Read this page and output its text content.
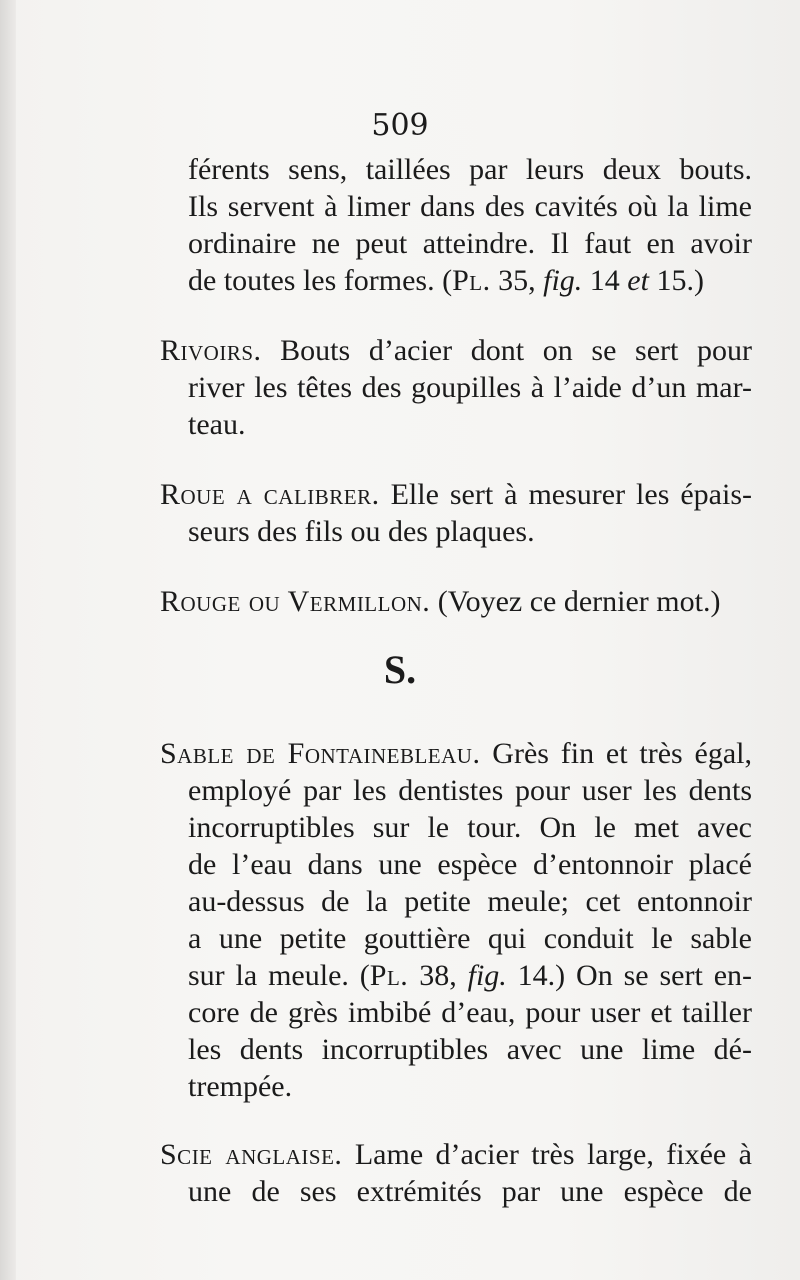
509
férents sens, taillées par leurs deux bouts.
Ils servent à limer dans des cavités où la lime
ordinaire ne peut atteindre. Il faut en avoir
de toutes les formes. (Pl. 35, fig. 14 et 15.)
Rivoirs. Bouts d’acier dont on se sert pour
river les têtes des goupilles à l’aide d’un mar-
teau.
Roue a calibrer. Elle sert à mesurer les épais-
seurs des fils ou des plaques.
Rouge ou Vermillon. (Voyez ce dernier mot.)
S.
Sable de Fontainebleau. Grès fin et très égal,
employé par les dentistes pour user les dents
incorruptibles sur le tour. On le met avec
de l’eau dans une espèce d’entonnoir placé
au-dessus de la petite meule; cet entonnoir
a une petite gouttière qui conduit le sable
sur la meule. (Pl. 38, fig. 14.) On se sert en-
core de grès imbibé d’eau, pour user et tailler
les dents incorruptibles avec une lime dé-
trempée.
Scie anglaise. Lame d’acier très large, fixée à
une de ses extrémités par une espèce de
